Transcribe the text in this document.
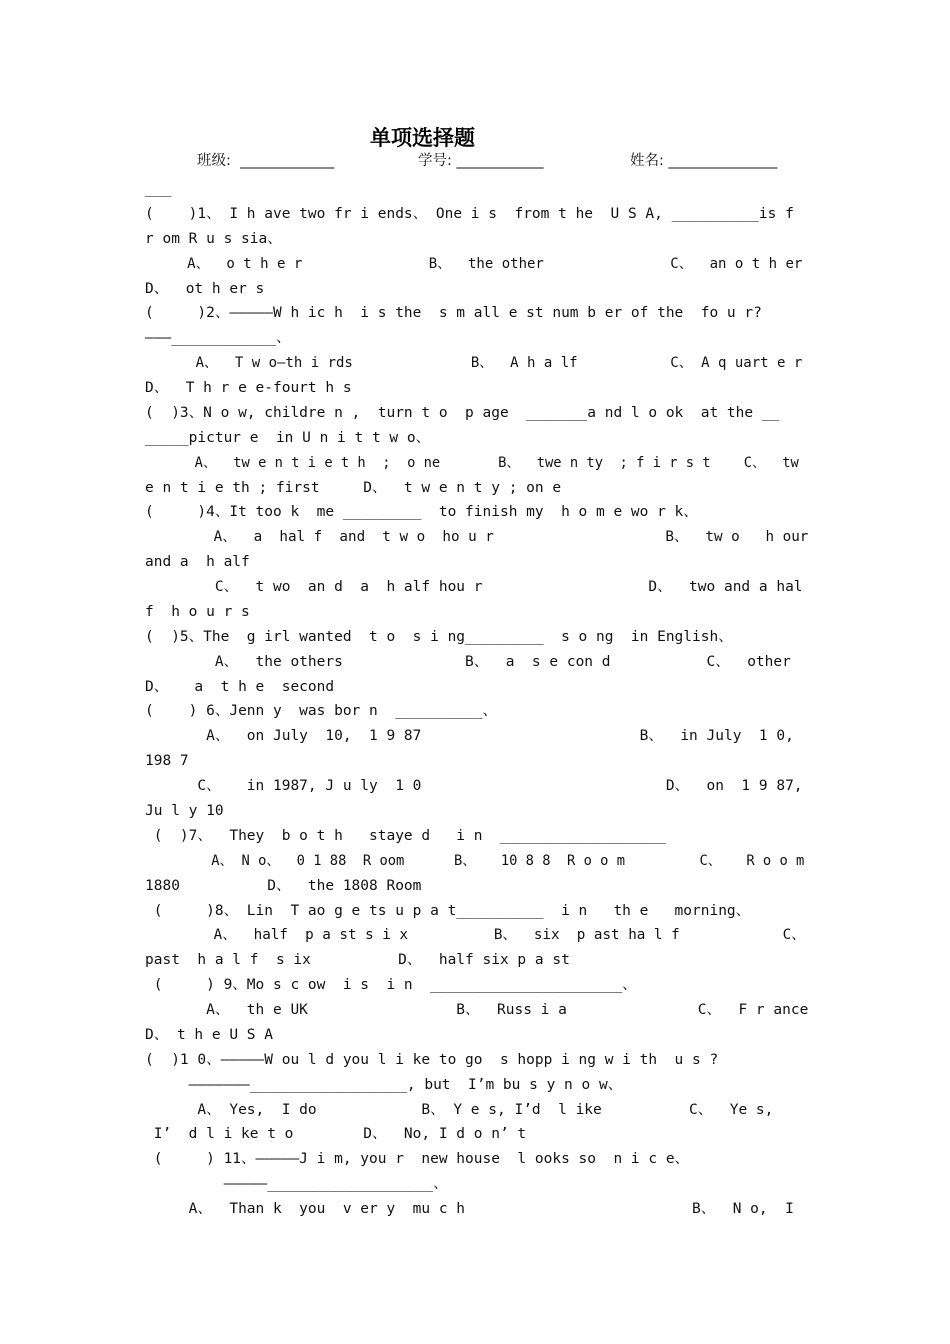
单项选择题
班级:  _____________	学号: ____________	姓名: _______________
___
(    )1、 I h ave two fr i ends、 One i s  from t he  U S A, __________is f
r om R u s sia、
A、  o t h e r               B、  the other               C、  an o t h er
D、  ot h er s
(     )2、—————W h ic h  i s the  s m all e st num b er of the  fo u r?
———____________、
A、  T w o—th i rds              B、  A h a lf           C、 A q uart e r
D、  T h r e e-fourt h s
(  )3、N o w, childre n ,  turn t o  p age  _______a nd l o ok  at the __
_____pictur e  in U n i t t w o、
A、  tw e n t i e t h  ;  o ne       B、  twe n ty  ; f i r s t    C、  tw
e n t i e th ; first     D、  t w e n t y ; on e
(     )4、It too k  me _________  to finish my  h o m e wo r k、
A、  a  hal f  and  t w o  ho u r                    B、  tw o   h our
and a  h alf
C、  t wo  an d  a  h alf hou r                   D、  two and a hal
f  h o u r s
(  )5、The  g irl wanted  t o  s i ng_________  s o ng  in English、
A、  the others              B、  a  s e con d           C、  other
D、   a  t h e  second
(    ) 6、Jenn y  was bor n  __________、
A、  on July  10,  1 9 87                         B、  in July  1 0,
198 7
C、   in 1987, J u ly  1 0                            D、  on  1 9 87,
Ju l y 10
(  )7、  They  b o t h   staye d   i n  ___________________
A、 N o、  0 1 88  R oom      B、   10 8 8  R o o m         C、   R o o m
1880          D、  the 1808 Room
(     )8、 Lin  T ao g e ts u p a t__________  i n   th e   morning、
A、  half  p a st s i x          B、  six  p ast ha l f            C、
past  h a l f  s ix          D、  half six p a st
(     ) 9、Mo s c ow  i s  i n  ______________________、
A、  th e UK                 B、  Russ i a               C、  F r ance
D、 t h e U S A
(  )1 0、—————W ou l d you l i ke to go  s hopp i ng w i th  u s ?
———————__________________, but  I’m bu s y n o w、
A、 Yes,  I do            B、 Y e s, I’d  l ike          C、  Ye s,
I’  d l i ke t o        D、  No, I d o n’ t
(     ) 11、—————J i m, you r  new house  l ooks so  n i c e、
—————___________________、
A、  Than k  you  v er y  mu c h                          B、  N o,  I
